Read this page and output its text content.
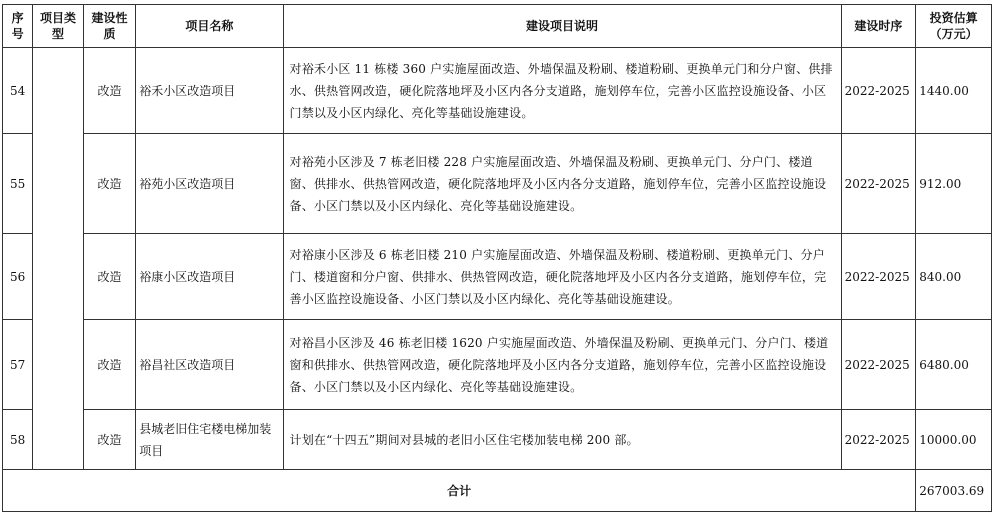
序号	项目类型	建设性质	项目名称	建设项目说明	建设时序	投资估算（万元）
54		改造	裕禾小区改造项目	对裕禾小区 11 栋楼 360 户实施屋面改造、外墙保温及粉刷、楼道粉刷、更换单元门和分户窗、供排水、供热管网改造，硬化院落地坪及小区内各分支道路，施划停车位，完善小区监控设施设备、小区门禁以及小区内绿化、亮化等基础设施建设。	2022-2025	1440.00
55		改造	裕苑小区改造项目	对裕苑小区涉及 7 栋老旧楼 228 户实施屋面改造、外墙保温及粉刷、更换单元门、分户门、楼道窗、供排水、供热管网改造，硬化院落地坪及小区内各分支道路，施划停车位，完善小区监控设施设备、小区门禁以及小区内绿化、亮化等基础设施建设。	2022-2025	912.00
56		改造	裕康小区改造项目	对裕康小区涉及 6 栋老旧楼 210 户实施屋面改造、外墙保温及粉刷、楼道粉刷、更换单元门、分户门、楼道窗和分户窗、供排水、供热管网改造，硬化院落地坪及小区内各分支道路，施划停车位，完善小区监控设施设备、小区门禁以及小区内绿化、亮化等基础设施建设。	2022-2025	840.00
57		改造	裕昌社区改造项目	对裕昌小区涉及 46 栋老旧楼 1620 户实施屋面改造、外墙保温及粉刷、更换单元门、分户门、楼道窗和供排水、供热管网改造，硬化院落地坪及小区内各分支道路，施划停车位，完善小区监控设施设备、小区门禁以及小区内绿化、亮化等基础设施建设。	2022-2025	6480.00
58		改造	县城老旧住宅楼电梯加装项目	计划在“十四五”期间对县城的老旧小区住宅楼加装电梯 200 部。	2022-2025	10000.00
合计						267003.69
